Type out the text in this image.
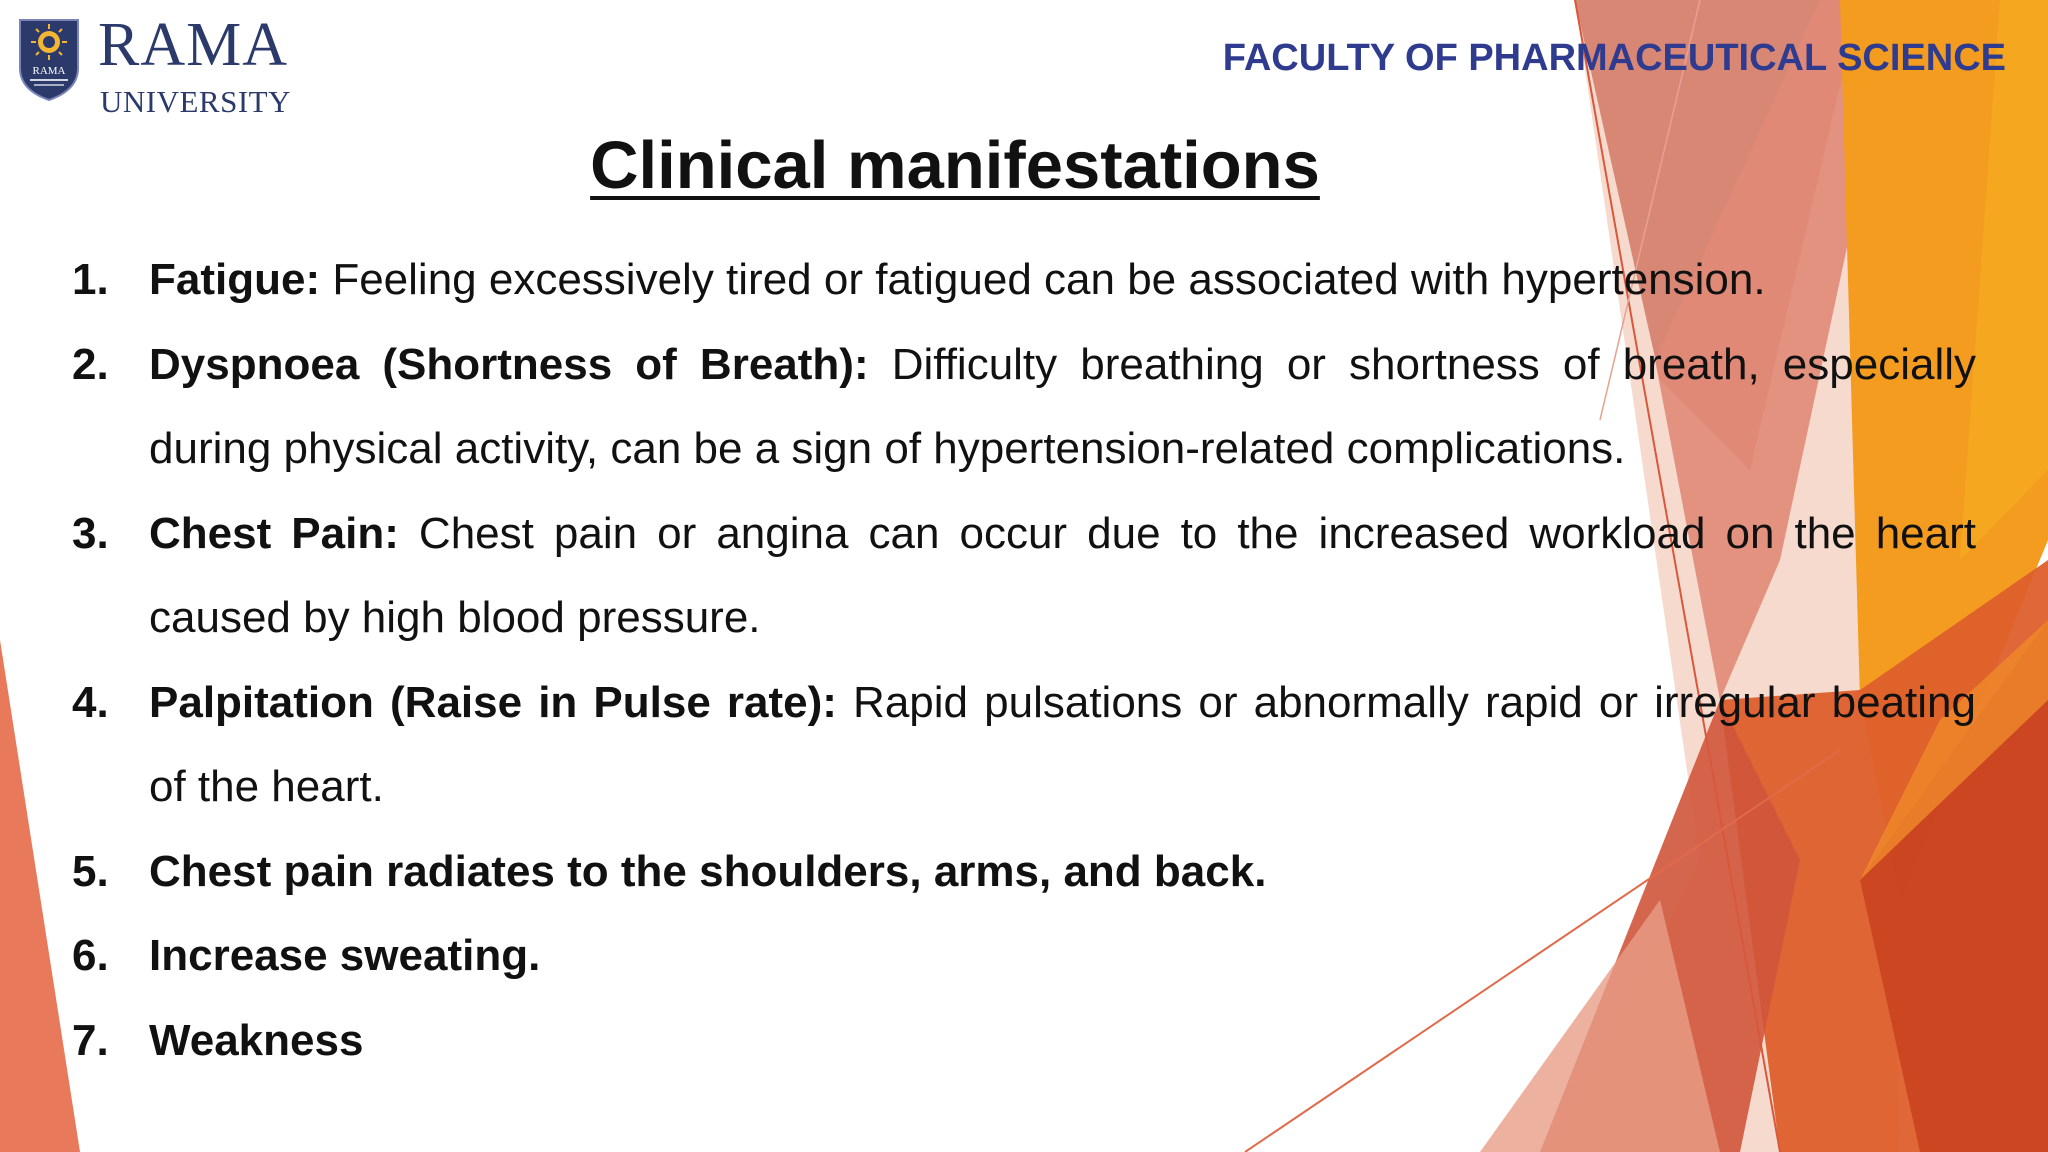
RAMA RAMA
UNIVERSITY
FACULTY OF PHARMACEUTICAL SCIENCE
Clinical manifestations
1. Fatigue: Feeling excessively tired or fatigued can be associated with hypertension.
2. Dyspnoea (Shortness of Breath): Difficulty breathing or shortness of breath, especially during physical activity, can be a sign of hypertension-related complications.
3. Chest Pain: Chest pain or angina can occur due to the increased workload on the heart caused by high blood pressure.
4. Palpitation (Raise in Pulse rate): Rapid pulsations or abnormally rapid or irregular beating of the heart.
5. Chest pain radiates to the shoulders, arms, and back.
6. Increase sweating.
7. Weakness
